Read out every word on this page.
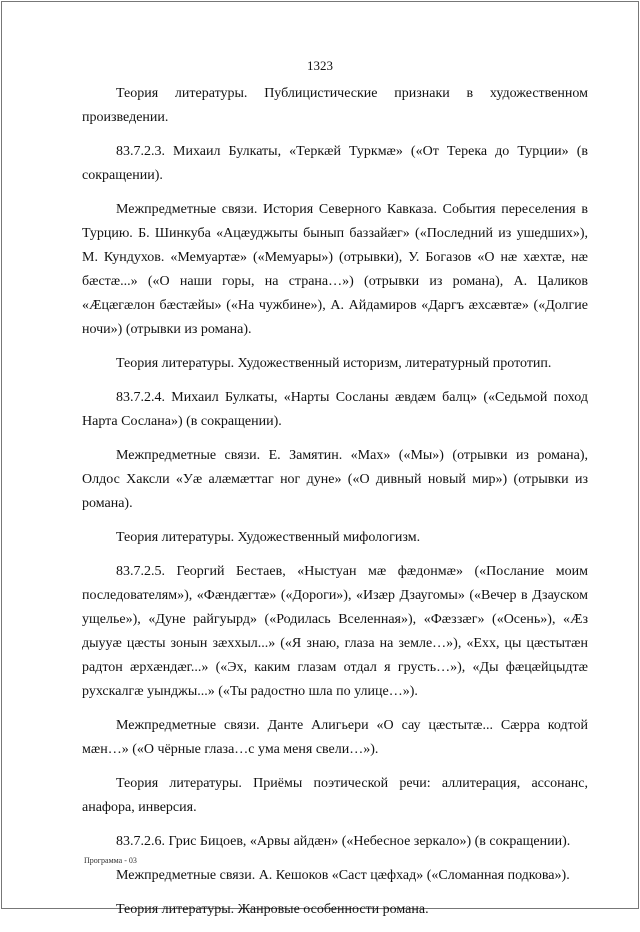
1323

Теория литературы. Публицистические признаки в художественном произведении.

83.7.2.3. Михаил Булкаты, «Теркæй Туркмæ» («От Терека до Турции» (в сокращении).

Межпредметные связи. История Северного Кавказа. События переселения в Турцию. Б. Шинкуба «Ацæуджыты бынып баззайæг» («Последний из ушедших»), М. Кундухов. «Мемуартæ» («Мемуары») (отрывки), У. Богазов «О нæ хæхтæ, нæ бæстæ...» («О наши горы, на страна…») (отрывки из романа), А. Цаликов «Æцæгæлон бæстæйы» («На чужбине»), А. Айдамиров «Даргъ æхсæвтæ» («Долгие ночи») (отрывки из романа).

Теория литературы. Художественный историзм, литературный прототип.

83.7.2.4. Михаил Булкаты, «Нарты Сосланы æвдæм балц» («Седьмой поход Нарта Сослана») (в сокращении).

Межпредметные связи. Е. Замятин. «Мах» («Мы») (отрывки из романа), Олдос Хаксли «Уæ алæмæттаг ног дуне» («О дивный новый мир») (отрывки из романа).

Теория литературы. Художественный мифологизм.

83.7.2.5. Георгий Бестаев, «Ныстуан мæ фæдонмæ» («Послание моим последователям»), «Фæндæгтæ» («Дороги»), «Изæр Дзаугомы» («Вечер в Дзауском ущелье»), «Дуне райгуырд» («Родилась Вселенная»), «Фæззæг» («Осень»), «Æз дыууæ цæсты зонын зæххыл...» («Я знаю, глаза на земле…»), «Ехх, цы цæстытæн радтон æрхæндæг...» («Эх, каким глазам отдал я грусть…»), «Ды фæцæйцыдтæ рухскалгæ уынджы...» («Ты радостно шла по улице…»).

Межпредметные связи. Данте Алигьери «О сау цæстытæ... Сæрра кодтой мæн…» («О чёрные глаза…с ума меня свели…»).

Теория литературы. Приёмы поэтической речи: аллитерация, ассонанс, анафора, инверсия.

83.7.2.6. Грис Бицоев, «Арвы айдæн» («Небесное зеркало») (в сокращении).

Межпредметные связи. А. Кешоков «Саст цæфхад» («Сломанная подкова»).

Теория литературы. Жанровые особенности романа.

Программа - 03
